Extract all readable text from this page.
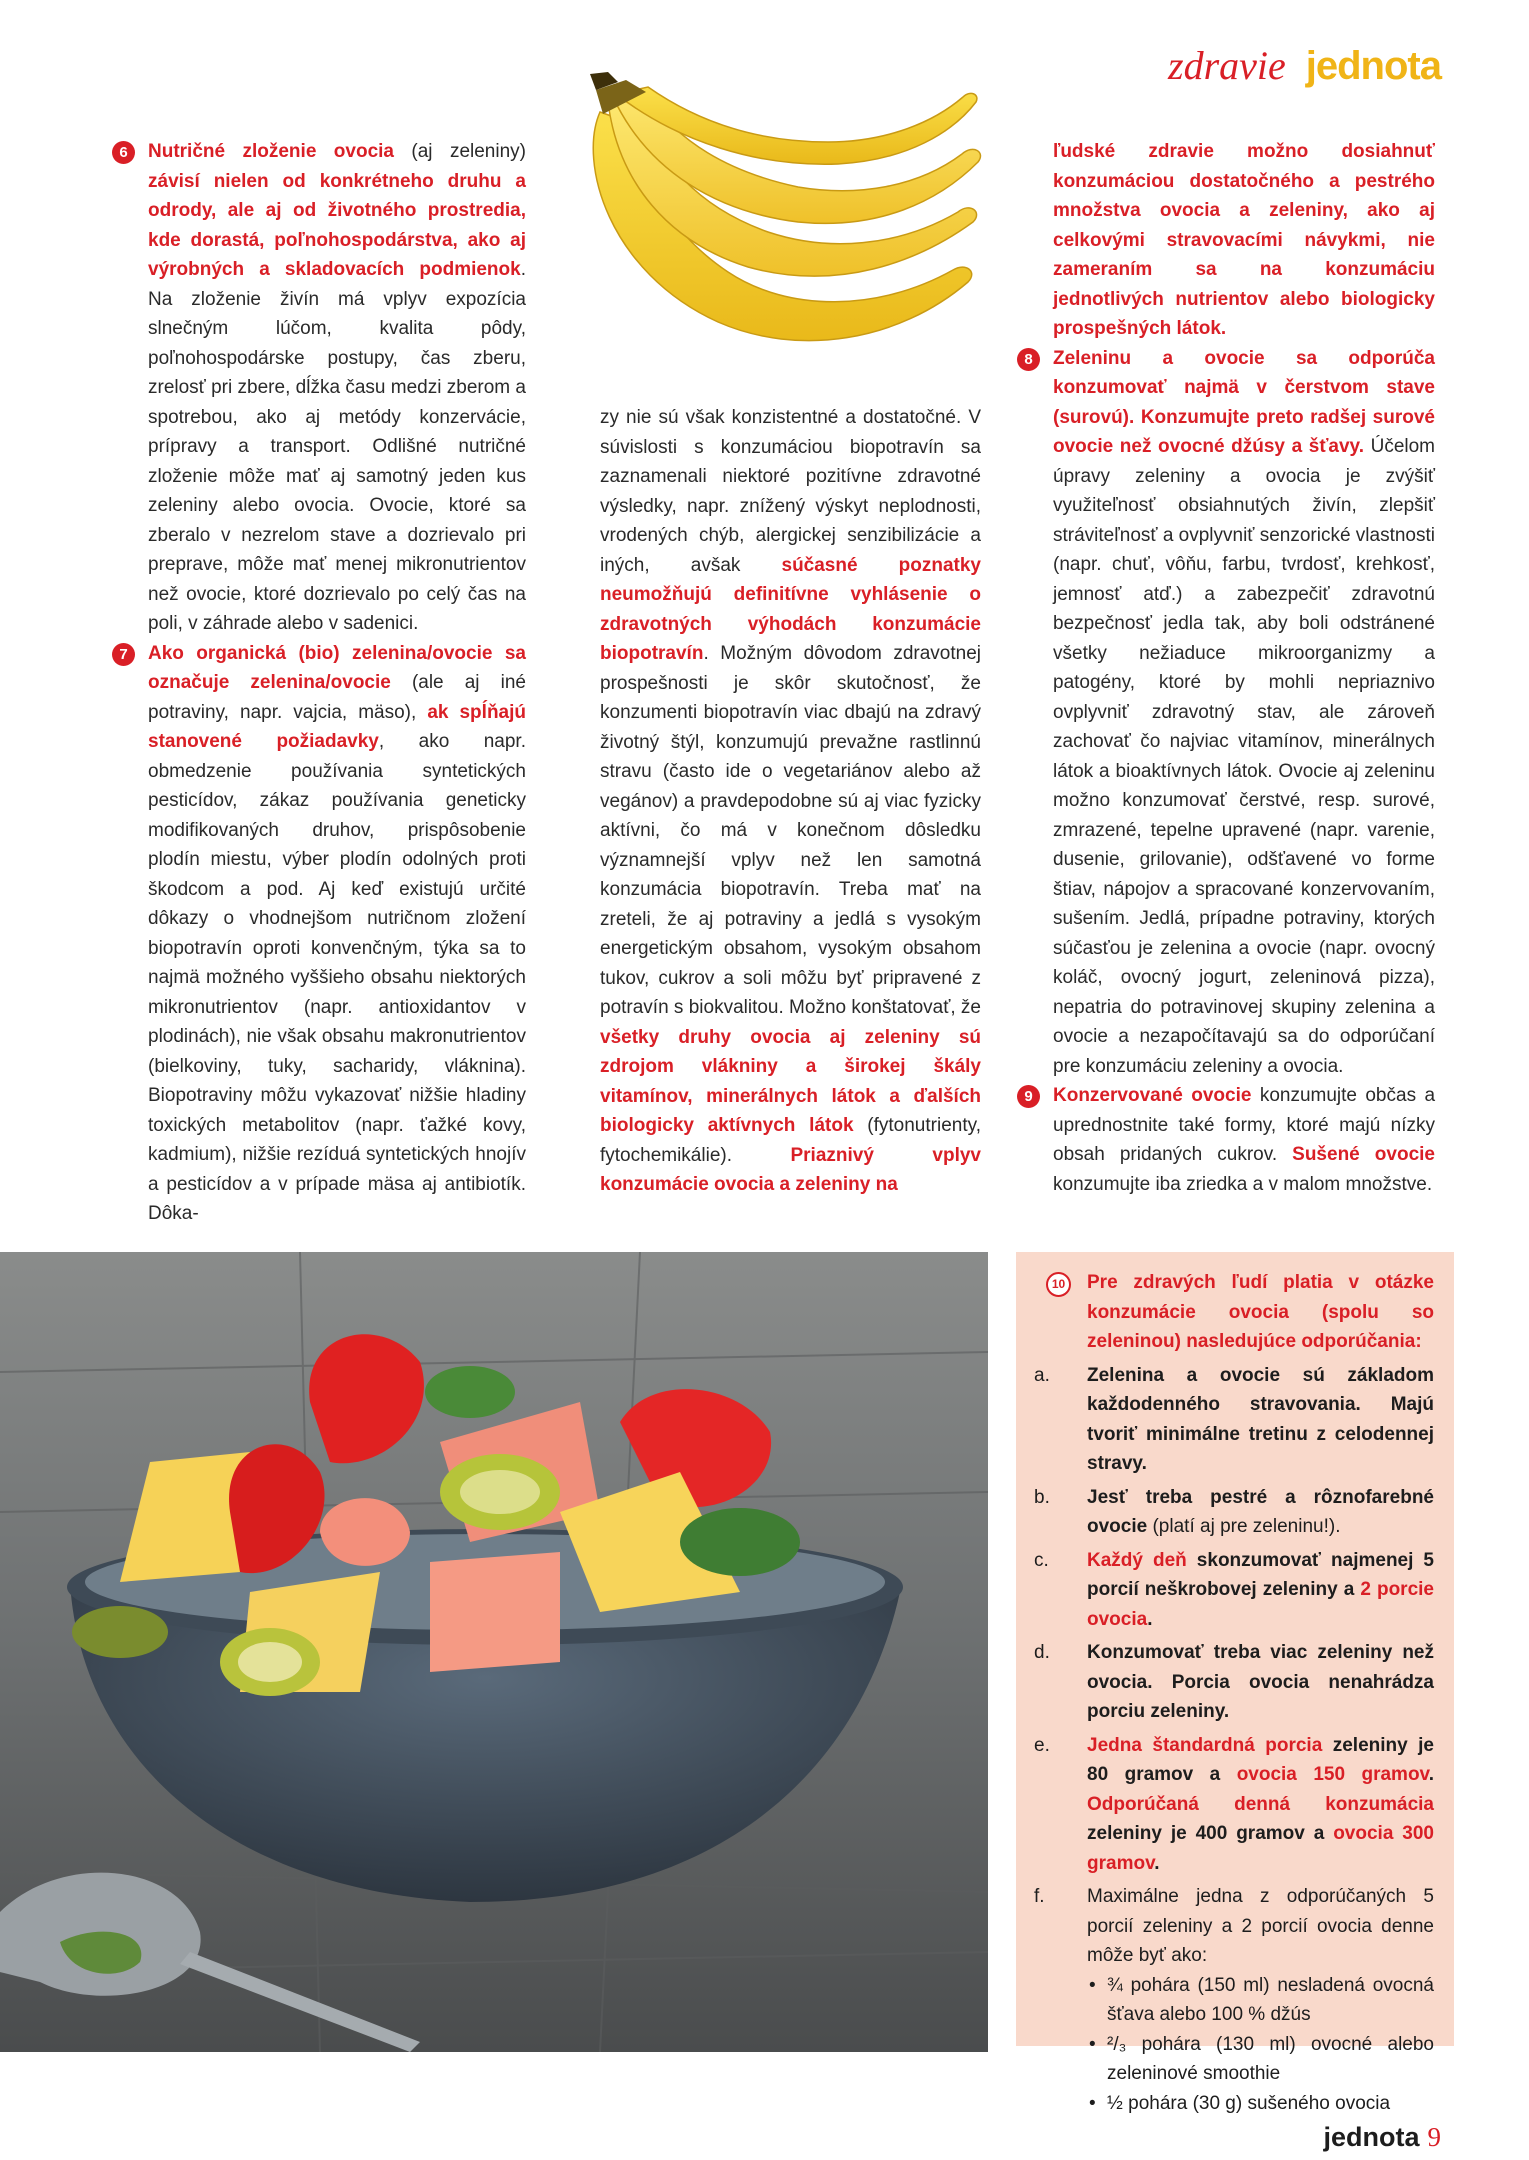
zdravie jednota

6	Nutričné zloženie ovocia (aj zeleniny) závisí nielen od konkrétneho druhu a odrody, ale aj od životného prostredia, kde dorastá, poľnohospodárstva, ako aj výrobných a skladovacích podmienok. Na zloženie živín má vplyv expozícia slnečným lúčom, kvalita pôdy, poľnohospodárske postupy, čas zberu, zrelosť pri zbere, dĺžka času medzi zberom a spotrebou, ako aj metódy konzervácie, prípravy a transport. Odlišné nutričné zloženie môže mať aj samotný jeden kus zeleniny alebo ovocia. Ovocie, ktoré sa zberalo v nezrelom stave a dozrievalo pri preprave, môže mať menej mikronutrientov než ovocie, ktoré dozrievalo po celý čas na poli, v záhrade alebo v sadenici.

7	Ako organická (bio) zelenina/ovocie sa označuje zelenina/ovocie (ale aj iné potraviny, napr. vajcia, mäso), ak spĺňajú stanovené požiadavky, ako napr. obmedzenie používania syntetických pesticídov, zákaz používania geneticky modifikovaných druhov, prispôsobenie plodín miestu, výber plodín odolných proti škodcom a pod. Aj keď existujú určité dôkazy o vhodnejšom nutričnom zložení biopotravín oproti konvenčným, týka sa to najmä možného vyššieho obsahu niektorých mikronutrientov (napr. antioxidantov v plodinách), nie však obsahu makronutrientov (bielkoviny, tuky, sacharidy, vláknina). Biopotraviny môžu vykazovať nižšie hladiny toxických metabolitov (napr. ťažké kovy, kadmium), nižšie rezíduá syntetických hnojív a pesticídov a v prípade mäsa aj antibiotík. Dôka-

zy nie sú však konzistentné a dostatočné. V súvislosti s konzumáciou biopotravín sa zaznamenali niektoré pozitívne zdravotné výsledky, napr. znížený výskyt neplodnosti, vrodených chýb, alergickej senzibilizácie a iných, avšak súčasné poznatky neumožňujú definitívne vyhlásenie o zdravotných výhodách konzumácie biopotravín. Možným dôvodom zdravotnej prospešnosti je skôr skutočnosť, že konzumenti biopotravín viac dbajú na zdravý životný štýl, konzumujú prevažne rastlinnú stravu (často ide o vegetariánov alebo až vegánov) a pravdepodobne sú aj viac fyzicky aktívni, čo má v konečnom dôsledku významnejší vplyv než len samotná konzumácia biopotravín. Treba mať na zreteli, že aj potraviny a jedlá s vysokým energetickým obsahom, vysokým obsahom tukov, cukrov a soli môžu byť pripravené z potravín s biokvalitou. Možno konštatovať, že všetky druhy ovocia aj zeleniny sú zdrojom vlákniny a širokej škály vitamínov, minerálnych látok a ďalších biologicky aktívnych látok (fytonutrienty, fytochemikálie). Priaznivý vplyv konzumácie ovocia a zeleniny na

ľudské zdravie možno dosiahnuť konzumáciou dostatočného a pestrého množstva ovocia a zeleniny, ako aj celkovými stravovacími návykmi, nie zameraním sa na konzumáciu jednotlivých nutrientov alebo biologicky prospešných látok.

8	Zeleninu a ovocie sa odporúča konzumovať najmä v čerstvom stave (surovú). Konzumujte preto radšej surové ovocie než ovocné džúsy a šťavy. Účelom úpravy zeleniny a ovocia je zvýšiť využiteľnosť obsiahnutých živín, zlepšiť stráviteľnosť a ovplyvniť senzorické vlastnosti (napr. chuť, vôňu, farbu, tvrdosť, krehkosť, jemnosť atď.) a zabezpečiť zdravotnú bezpečnosť jedla tak, aby boli odstránené všetky nežiaduce mikroorganizmy a patogény, ktoré by mohli nepriaznivo ovplyvniť zdravotný stav, ale zároveň zachovať čo najviac vitamínov, minerálnych látok a bioaktívnych látok. Ovocie aj zeleninu možno konzumovať čerstvé, resp. surové, zmrazené, tepelne upravené (napr. varenie, dusenie, grilovanie), odšťavené vo forme štiav, nápojov a spracované konzervovaním, sušením. Jedlá, prípadne potraviny, ktorých súčasťou je zelenina a ovocie (napr. ovocný koláč, ovocný jogurt, zeleninová pizza), nepatria do potravinovej skupiny zelenina a ovocie a nezapočítavajú sa do odporúčaní pre konzumáciu zeleniny a ovocia.

9	Konzervované ovocie konzumujte občas a uprednostnite také formy, ktoré majú nízky obsah pridaných cukrov. Sušené ovocie konzumujte iba zriedka a v malom množstve.

10	Pre zdravých ľudí platia v otázke konzumácie ovocia (spolu so zeleninou) nasledujúce odporúčania:
a.	Zelenina a ovocie sú základom každodenného stravovania. Majú tvoriť minimálne tretinu z celodennej stravy.
b.	Jesť treba pestré a rôznofarebné ovocie (platí aj pre zeleninu!).
c.	Každý deň skonzumovať najmenej 5 porcií neškrobovej zeleniny a 2 porcie ovocia.
d.	Konzumovať treba viac zeleniny než ovocia. Porcia ovocia nenahrádza porciu zeleniny.
e.	Jedna štandardná porcia zeleniny je 80 gramov a ovocia 150 gramov. Odporúčaná denná konzumácia zeleniny je 400 gramov a ovocia 300 gramov.
f.	Maximálne jedna z odporúčaných 5 porcií zeleniny a 2 porcií ovocia denne môže byť ako:
• ¾ pohára (150 ml) nesladená ovocná šťava alebo 100 % džús
• ²/₃ pohára (130 ml) ovocné alebo zeleninové smoothie
• ½ pohára (30 g) sušeného ovocia
jednota 9
